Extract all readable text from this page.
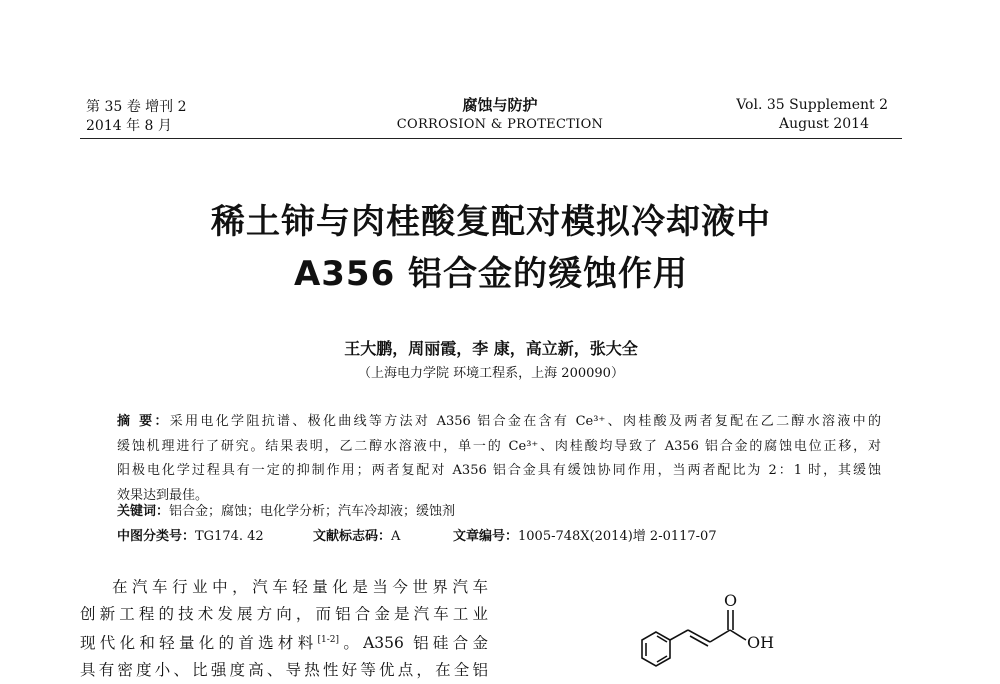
第 35 卷 增刊 2
2014 年 8 月
腐蚀与防护
CORROSION & PROTECTION
Vol. 35 Supplement 2
August 2014
稀土铈与肉桂酸复配对模拟冷却液中
A356 铝合金的缓蚀作用
王大鹏，周丽霞，李 康，高立新，张大全
（上海电力学院 环境工程系，上海 200090）
摘 要：采用电化学阻抗谱、极化曲线等方法对 A356 铝合金在含有 Ce³⁺、肉桂酸及两者复配在乙二醇水溶液中的
缓蚀机理进行了研究。结果表明，乙二醇水溶液中，单一的 Ce³⁺、肉桂酸均导致了 A356 铝合金的腐蚀电位正移，对
阳极电化学过程具有一定的抑制作用；两者复配对 A356 铝合金具有缓蚀协同作用，当两者配比为 2：1 时，其缓蚀
效果达到最佳。
关键词：铝合金；腐蚀；电化学分析；汽车冷却液；缓蚀剂
中图分类号：TG174. 42	文献标志码：A	文章编号：1005-748X(2014)增 2-0117-07
在汽车行业中，汽车轻量化是当今世界汽车
创新工程的技术发展方向，而铝合金是汽车工业
现代化和轻量化的首选材料[1-2]。A356 铝硅合金
具有密度小、比强度高、导热性好等优点，在全铝
O
OH
